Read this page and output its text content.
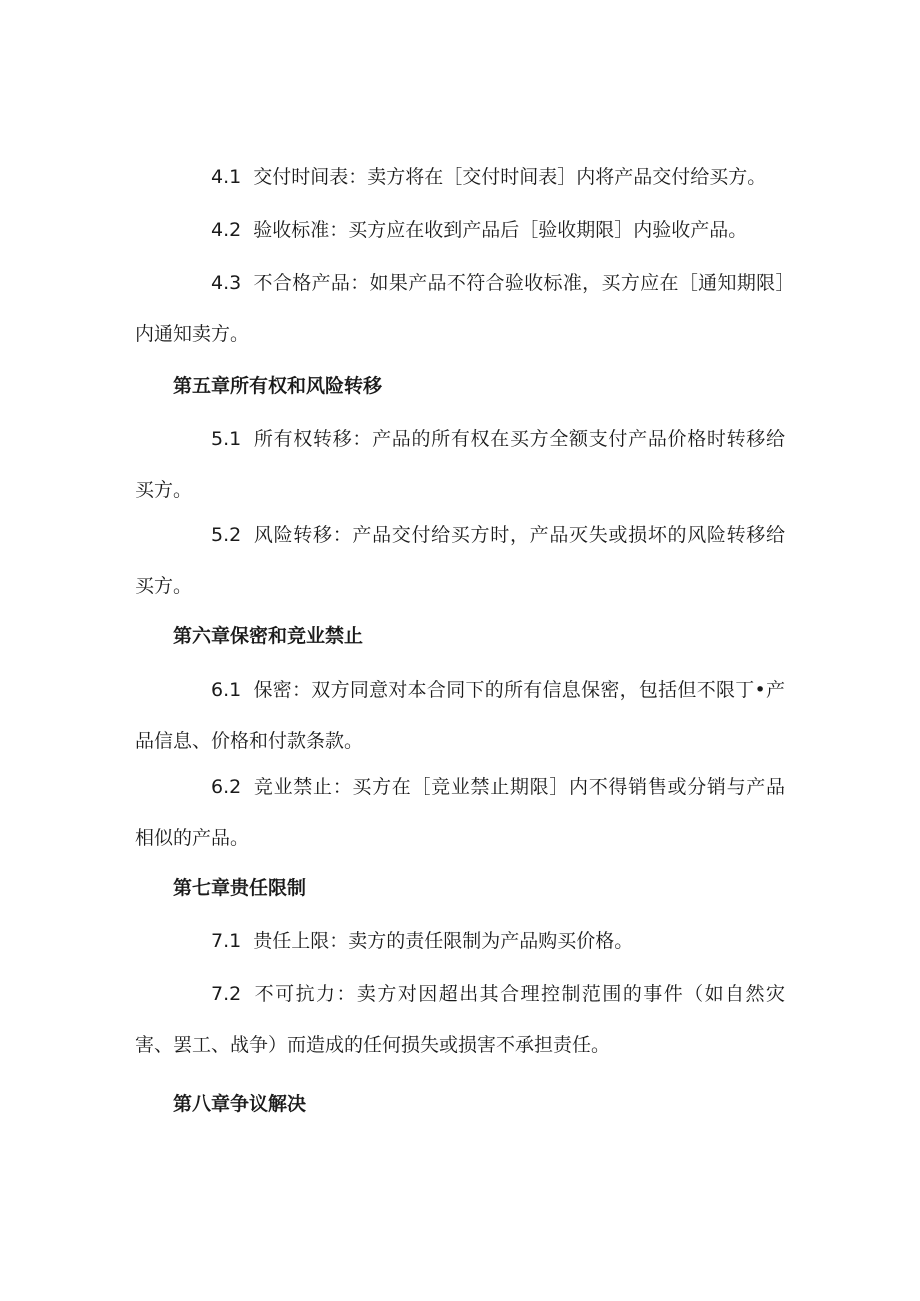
4.1 交付时间表：卖方将在［交付时间表］内将产品交付给买方。

4.2 验收标准：买方应在收到产品后［验收期限］内验收产品。

4.3 不合格产品：如果产品不符合验收标准，买方应在［通知期限］内通知卖方。

第五章所有权和风险转移

5.1 所有权转移：产品的所有权在买方全额支付产品价格时转移给买方。

5.2 风险转移：产品交付给买方时，产品灭失或损坏的风险转移给买方。

第六章保密和竞业禁止

6.1 保密：双方同意对本合同下的所有信息保密，包括但不限丁•产品信息、价格和付款条款。

6.2 竞业禁止：买方在［竞业禁止期限］内不得销售或分销与产品相似的产品。

第七章贵任限制

7.1 贵任上限：卖方的责任限制为产品购买价格。

7.2 不可抗力：卖方对因超出其合理控制范围的事件（如自然灾害、罢工、战争）而造成的任何损失或损害不承担责任。

第八章争议解决
